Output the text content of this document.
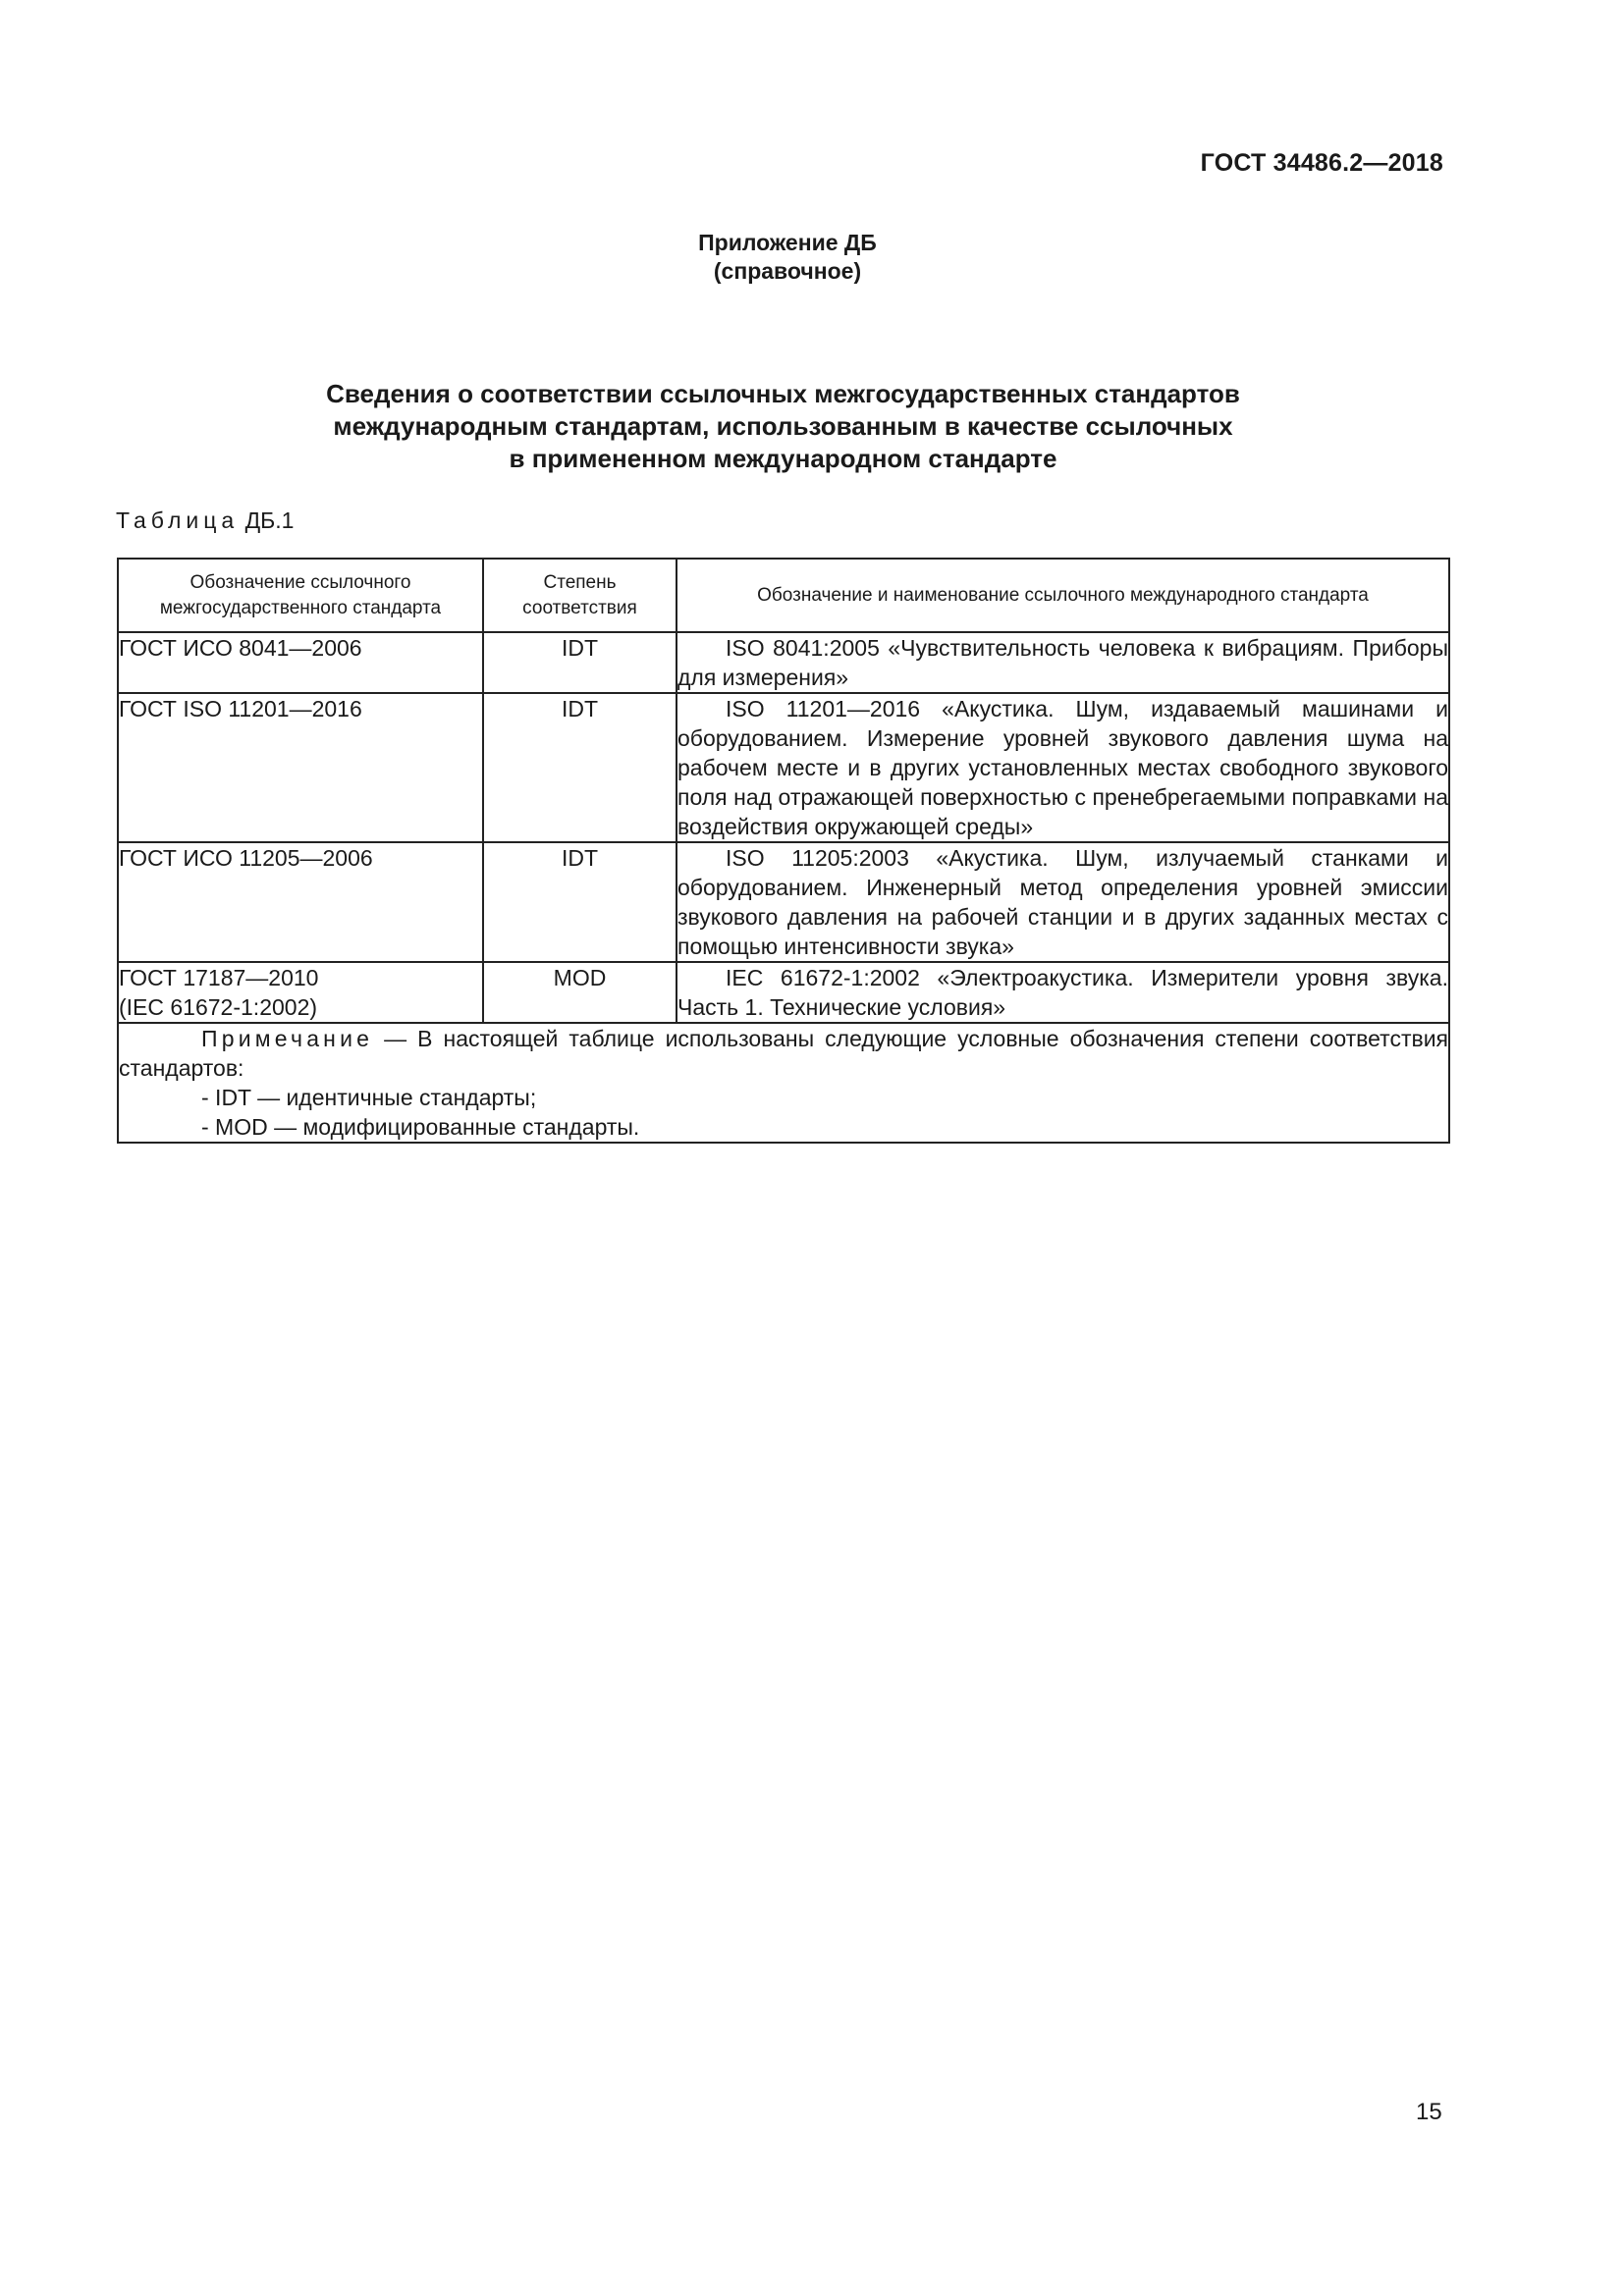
ГОСТ 34486.2—2018
Приложение ДБ
(справочное)
Сведения о соответствии ссылочных межгосударственных стандартов
международным стандартам, использованным в качестве ссылочных
в примененном международном стандарте
Таблица ДБ.1
Обозначение ссылочного межгосударственного стандарта	Степень соответствия	Обозначение и наименование ссылочного международного стандарта

ГОСТ ИСО 8041—2006	IDT	ISO 8041:2005 «Чувствительность человека к вибрациям. Приборы для измерения»

ГОСТ ISO 11201—2016	IDT	ISO 11201—2016 «Акустика. Шум, издаваемый машинами и оборудованием. Измерение уровней звукового давления шума на рабочем месте и в других установленных местах свободного звукового поля над отражающей поверхностью с пренебрегаемыми поправками на воздействия окружающей среды»

ГОСТ ИСО 11205—2006	IDT	ISO 11205:2003 «Акустика. Шум, излучаемый станками и оборудованием. Инженерный метод определения уровней эмиссии звукового давления на рабочей станции и в других заданных местах с помощью интенсивности звука»

ГОСТ 17187—2010
(IEC 61672-1:2002)	MOD	IEC 61672-1:2002 «Электроакустика. Измерители уровня звука. Часть 1. Технические условия»

Примечание — В настоящей таблице использованы следующие условные обозначения степени соответствия стандартов:
- IDT — идентичные стандарты;
- MOD — модифицированные стандарты.		
15
